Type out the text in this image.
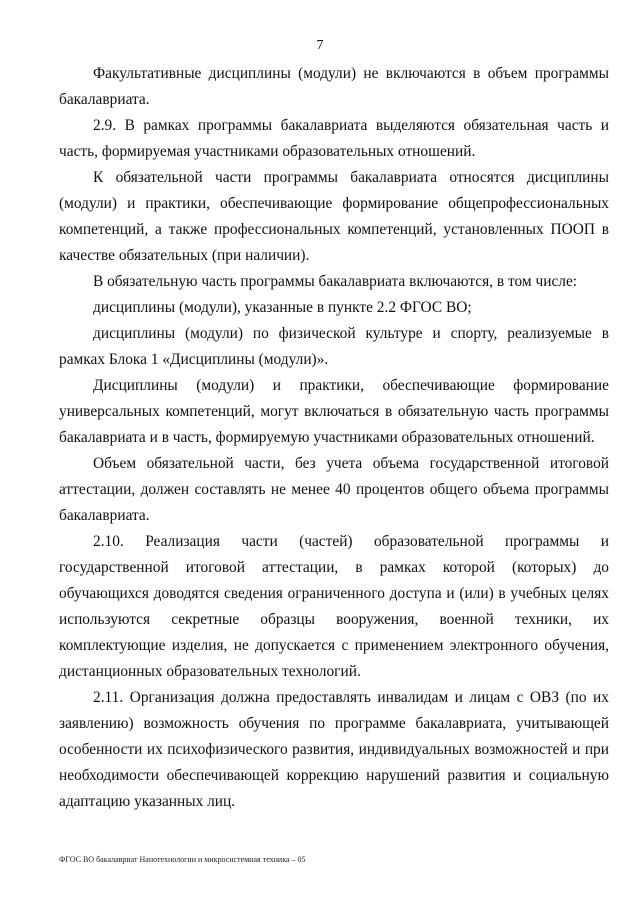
7

Факультативные дисциплины (модули) не включаются в объем программы бакалавриата.

2.9. В рамках программы бакалавриата выделяются обязательная часть и часть, формируемая участниками образовательных отношений.

К обязательной части программы бакалавриата относятся дисциплины (модули) и практики, обеспечивающие формирование общепрофессиональных компетенций, а также профессиональных компетенций, установленных ПООП в качестве обязательных (при наличии).

В обязательную часть программы бакалавриата включаются, в том числе:

дисциплины (модули), указанные в пункте 2.2 ФГОС ВО;

дисциплины (модули) по физической культуре и спорту, реализуемые в рамках Блока 1 «Дисциплины (модули)».

Дисциплины (модули) и практики, обеспечивающие формирование универсальных компетенций, могут включаться в обязательную часть программы бакалавриата и в часть, формируемую участниками образовательных отношений.

Объем обязательной части, без учета объема государственной итоговой аттестации, должен составлять не менее 40 процентов общего объема программы бакалавриата.

2.10. Реализация части (частей) образовательной программы и государственной итоговой аттестации, в рамках которой (которых) до обучающихся доводятся сведения ограниченного доступа и (или) в учебных целях используются секретные образцы вооружения, военной техники, их комплектующие изделия, не допускается с применением электронного обучения, дистанционных образовательных технологий.

2.11. Организация должна предоставлять инвалидам и лицам с ОВЗ (по их заявлению) возможность обучения по программе бакалавриата, учитывающей особенности их психофизического развития, индивидуальных возможностей и при необходимости обеспечивающей коррекцию нарушений развития и социальную адаптацию указанных лиц.

ФГОС ВО бакалавриат Нанотехнологии и микросистемная техника – 05
